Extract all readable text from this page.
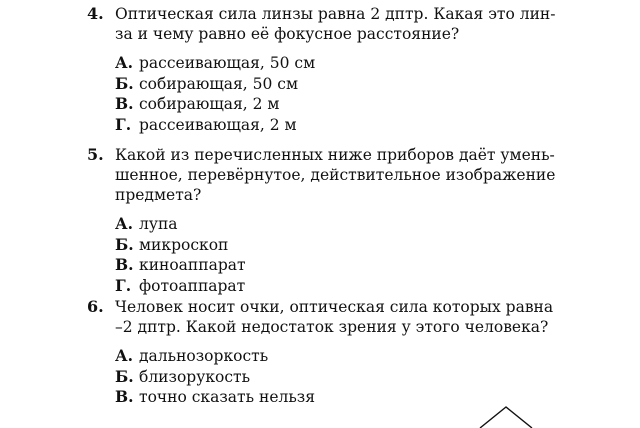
4. Оптическая сила линзы равна 2 дптр. Какая это лин-
за и чему равно её фокусное расстояние?
А. рассеивающая, 50 см
Б. собирающая, 50 см
В. собирающая, 2 м
Г. рассеивающая, 2 м
5. Какой из перечисленных ниже приборов даёт умень-
шенное, перевёрнутое, действительное изображение
предмета?
А. лупа
Б. микроскоп
В. киноаппарат
Г. фотоаппарат
6. Человек носит очки, оптическая сила которых равна
–2 дптр. Какой недостаток зрения у этого человека?
А. дальнозоркость
Б. близорукость
В. точно сказать нельзя
